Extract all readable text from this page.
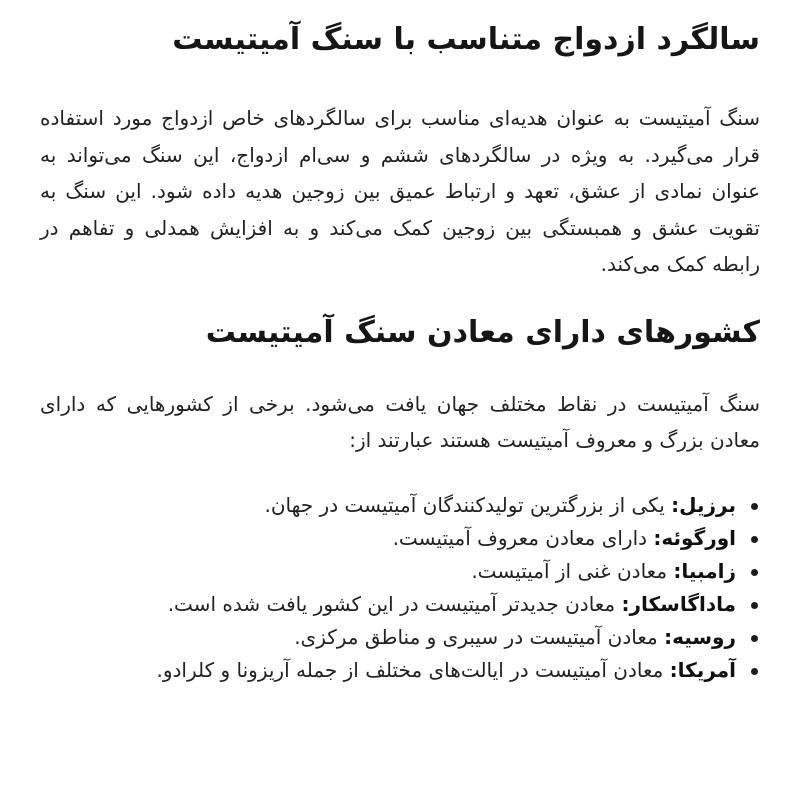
سالگرد ازدواج متناسب با سنگ آمیتیست

سنگ آمیتیست به عنوان هدیه‌ای مناسب برای سالگردهای خاص ازدواج مورد استفاده قرار می‌گیرد. به ویژه در سالگردهای ششم و سی‌ام ازدواج، این سنگ می‌تواند به عنوان نمادی از عشق، تعهد و ارتباط عمیق بین زوجین هدیه داده شود. این سنگ به تقویت عشق و همبستگی بین زوجین کمک می‌کند و به افزایش همدلی و تفاهم در رابطه کمک می‌کند.

کشورهای دارای معادن سنگ آمیتیست

سنگ آمیتیست در نقاط مختلف جهان یافت می‌شود. برخی از کشورهایی که دارای معادن بزرگ و معروف آمیتیست هستند عبارتند از:

برزیل: یکی از بزرگترین تولیدکنندگان آمیتیست در جهان.
اورگوئه: دارای معادن معروف آمیتیست.
زامبیا: معادن غنی از آمیتیست.
ماداگاسکار: معادن جدیدتر آمیتیست در این کشور یافت شده است.
روسیه: معادن آمیتیست در سیبری و مناطق مرکزی.
آمریکا: معادن آمیتیست در ایالت‌های مختلف از جمله آریزونا و کلرادو.
